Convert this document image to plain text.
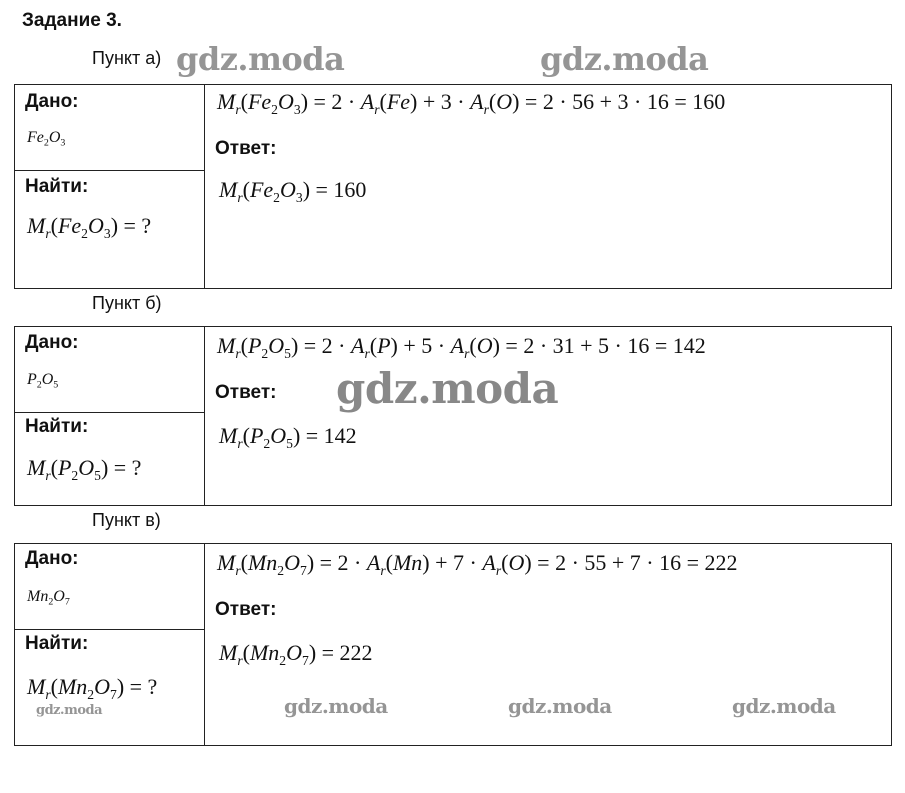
Задание 3.
Пункт а)
Дано:
$Fe_2O_3$
Найти:
$M_r(Fe_2O_3)$ = ?
$M_r(Fe_2O_3) = 2 \cdot A_r(Fe) + 3 \cdot A_r(O) = 2 \cdot 56 + 3 \cdot 16 = 160$
Ответ:
$M_r(Fe_2O_3) = 160$
Пункт б)
Дано:
$P_2O_5$
Найти:
$M_r(P_2O_5)$ = ?
$M_r(P_2O_5) = 2 \cdot A_r(P) + 5 \cdot A_r(O) = 2 \cdot 31 + 5 \cdot 16 = 142$
Ответ:
$M_r(P_2O_5) = 142$
Пункт в)
Дано:
$Mn_2O_7$
Найти:
$M_r(Mn_2O_7)$ = ?
$M_r(Mn_2O_7) = 2 \cdot A_r(Mn) + 7 \cdot A_r(O) = 2 \cdot 55 + 7 \cdot 16 = 222$
Ответ:
$M_r(Mn_2O_7) = 222$
gdz.moda	gdz.moda
gdz.moda
gdz.moda	gdz.moda	gdz.moda
gdz.moda
